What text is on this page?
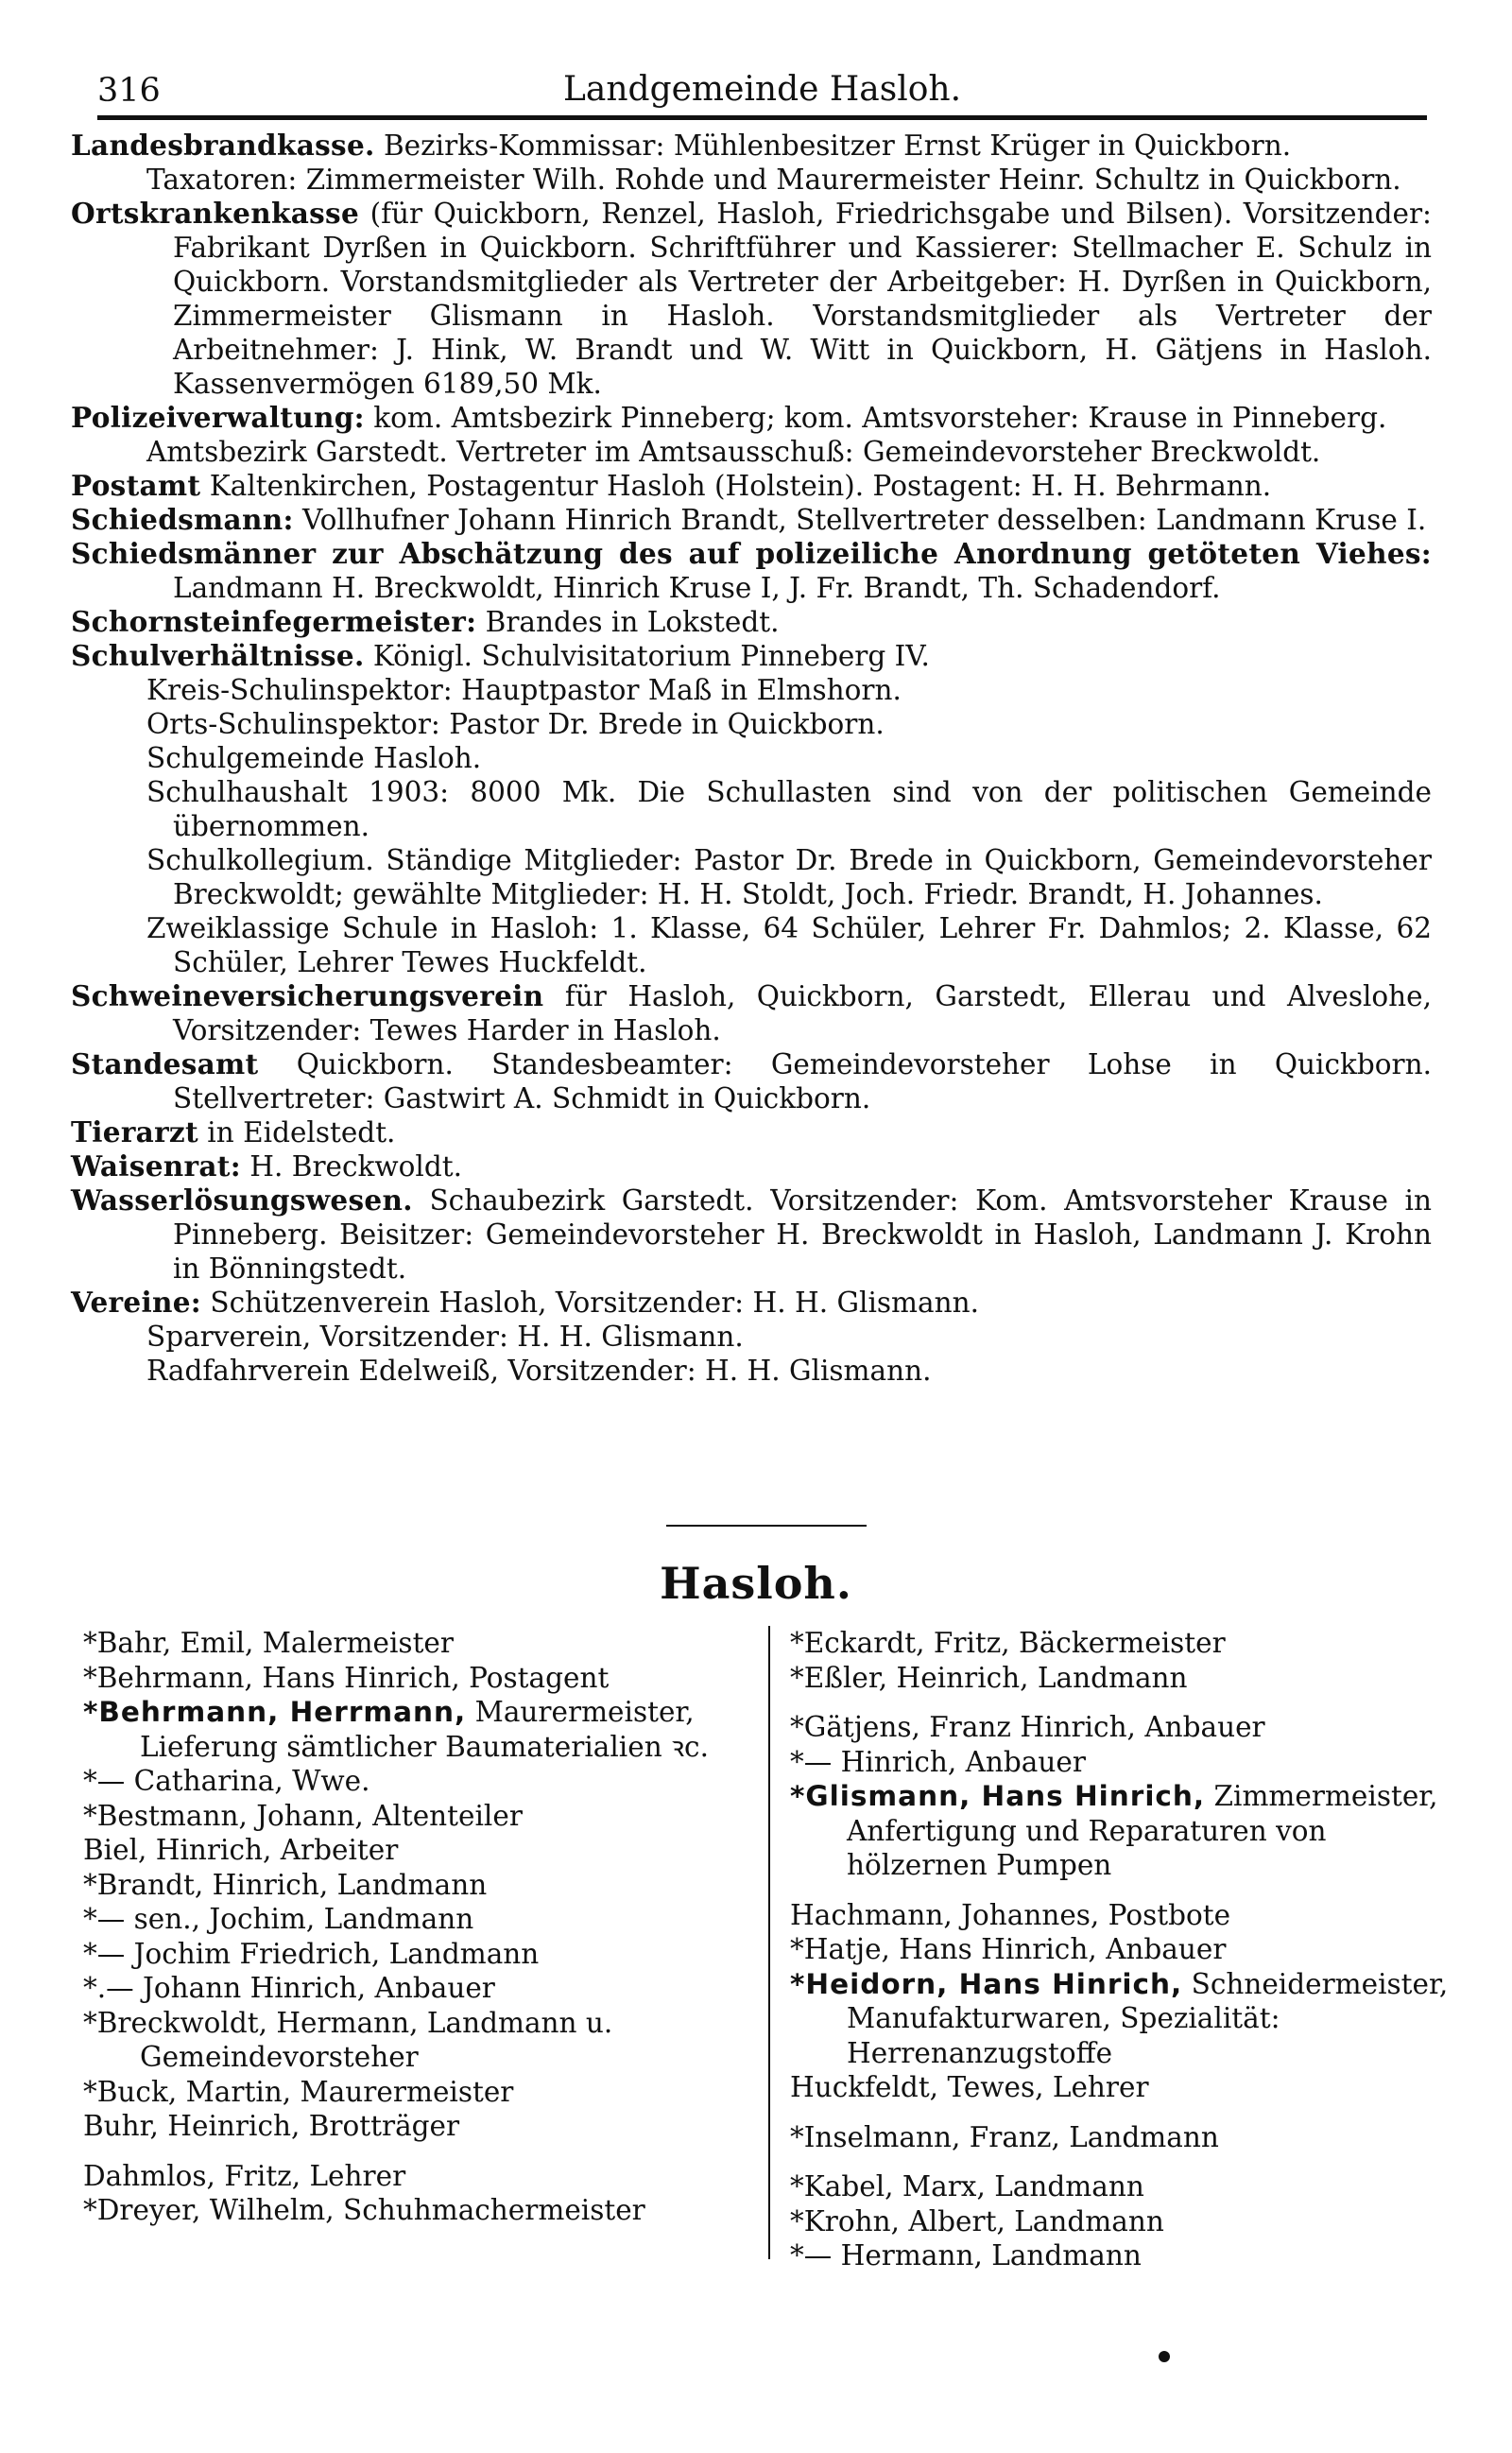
316	Landgemeinde Hasloh.

Landesbrandkasse. Bezirks-Kommissar: Mühlenbesitzer Ernst Krüger in Quickborn.

Taxatoren: Zimmermeister Wilh. Rohde und Maurermeister Heinr. Schultz in Quickborn.

Ortskrankenkasse (für Quickborn, Renzel, Hasloh, Friedrichsgabe und Bilsen). Vorsitzender: Fabrikant Dyrßen in Quickborn. Schriftführer und Kassierer: Stellmacher E. Schulz in Quickborn. Vorstandsmitglieder als Vertreter der Arbeitgeber: H. Dyrßen in Quickborn, Zimmermeister Glismann in Hasloh. Vorstandsmitglieder als Vertreter der Arbeitnehmer: J. Hink, W. Brandt und W. Witt in Quickborn, H. Gätjens in Hasloh. Kassenvermögen 6189,50 Mk.

Polizeiverwaltung: kom. Amtsbezirk Pinneberg; kom. Amtsvorsteher: Krause in Pinneberg.

Amtsbezirk Garstedt. Vertreter im Amtsausschuß: Gemeindevorsteher Breckwoldt.

Postamt Kaltenkirchen, Postagentur Hasloh (Holstein). Postagent: H. H. Behrmann.

Schiedsmann: Vollhufner Johann Hinrich Brandt, Stellvertreter desselben: Landmann Kruse I.

Schiedsmänner zur Abschätzung des auf polizeiliche Anordnung getöteten Viehes: Landmann H. Breckwoldt, Hinrich Kruse I, J. Fr. Brandt, Th. Schadendorf.

Schornsteinfegermeister: Brandes in Lokstedt.

Schulverhältnisse. Königl. Schulvisitatorium Pinneberg IV.

Kreis-Schulinspektor: Hauptpastor Maß in Elmshorn.

Orts-Schulinspektor: Pastor Dr. Brede in Quickborn.

Schulgemeinde Hasloh.

Schulhaushalt 1903: 8000 Mk. Die Schullasten sind von der politischen Gemeinde übernommen.

Schulkollegium. Ständige Mitglieder: Pastor Dr. Brede in Quickborn, Gemeindevorsteher Breckwoldt; gewählte Mitglieder: H. H. Stoldt, Joch. Friedr. Brandt, H. Johannes.

Zweiklassige Schule in Hasloh: 1. Klasse, 64 Schüler, Lehrer Fr. Dahmlos; 2. Klasse, 62 Schüler, Lehrer Tewes Huckfeldt.

Schweineversicherungsverein für Hasloh, Quickborn, Garstedt, Ellerau und Alveslohe, Vorsitzender: Tewes Harder in Hasloh.

Standesamt Quickborn. Standesbeamter: Gemeindevorsteher Lohse in Quickborn. Stellvertreter: Gastwirt A. Schmidt in Quickborn.

Tierarzt in Eidelstedt.

Waisenrat: H. Breckwoldt.

Wasserlösungswesen. Schaubezirk Garstedt. Vorsitzender: Kom. Amtsvorsteher Krause in Pinneberg. Beisitzer: Gemeindevorsteher H. Breckwoldt in Hasloh, Landmann J. Krohn in Bönningstedt.

Vereine: Schützenverein Hasloh, Vorsitzender: H. H. Glismann.

Sparverein, Vorsitzender: H. H. Glismann.

Radfahrverein Edelweiß, Vorsitzender: H. H. Glismann.

Hasloh.

*Bahr, Emil, Malermeister

*Behrmann, Hans Hinrich, Postagent

*Behrmann, Herrmann, Maurermeister, Lieferung sämtlicher Baumaterialien ꝛc.

*— Catharina, Wwe.

*Bestmann, Johann, Altenteiler

Biel, Hinrich, Arbeiter

*Brandt, Hinrich, Landmann

*— sen., Jochim, Landmann

*— Jochim Friedrich, Landmann

*.— Johann Hinrich, Anbauer

*Breckwoldt, Hermann, Landmann u. Gemeindevorsteher

*Buck, Martin, Maurermeister

Buhr, Heinrich, Brotträger

Dahmlos, Fritz, Lehrer

*Dreyer, Wilhelm, Schuhmachermeister

*Eckardt, Fritz, Bäckermeister

*Eßler, Heinrich, Landmann

*Gätjens, Franz Hinrich, Anbauer

*— Hinrich, Anbauer

*Glismann, Hans Hinrich, Zimmermeister, Anfertigung und Reparaturen von hölzernen Pumpen

Hachmann, Johannes, Postbote

*Hatje, Hans Hinrich, Anbauer

*Heidorn, Hans Hinrich, Schneidermeister, Manufakturwaren, Spezialität: Herrenanzugstoffe

Huckfeldt, Tewes, Lehrer

*Inselmann, Franz, Landmann

*Kabel, Marx, Landmann

*Krohn, Albert, Landmann

*— Hermann, Landmann
